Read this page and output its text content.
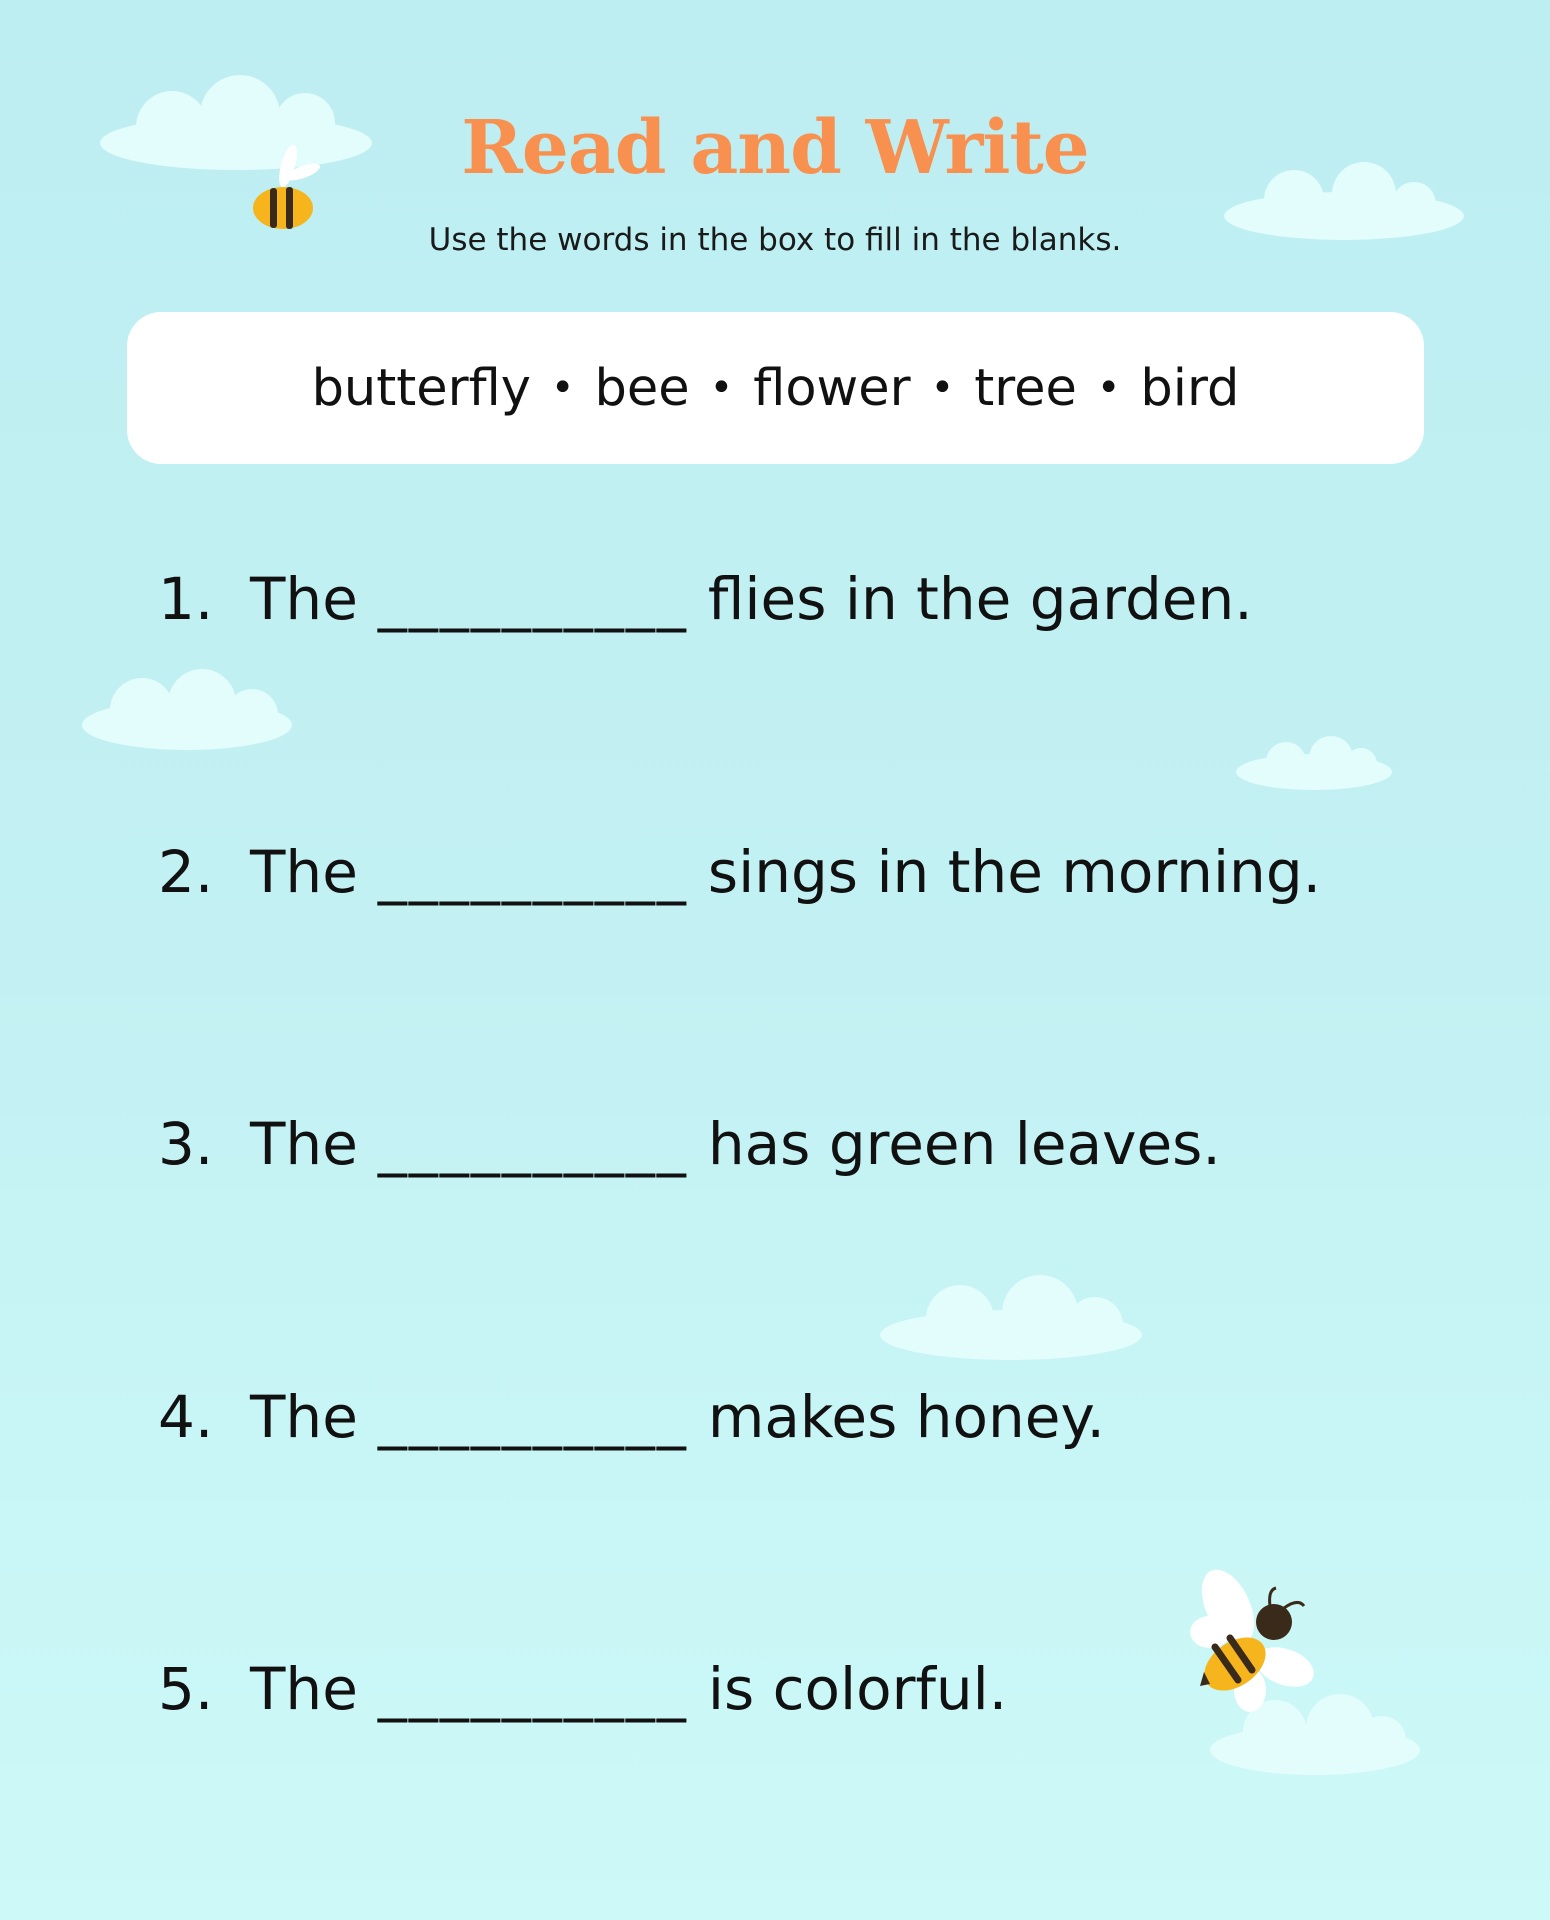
Read and Write
Use the words in the box to fill in the blanks.
butterfly • bee • flower • tree • bird
1. The __________ flies in the garden.
2. The __________ sings in the morning.
3. The __________ has green leaves.
4. The __________ makes honey.
5. The __________ is colorful.
